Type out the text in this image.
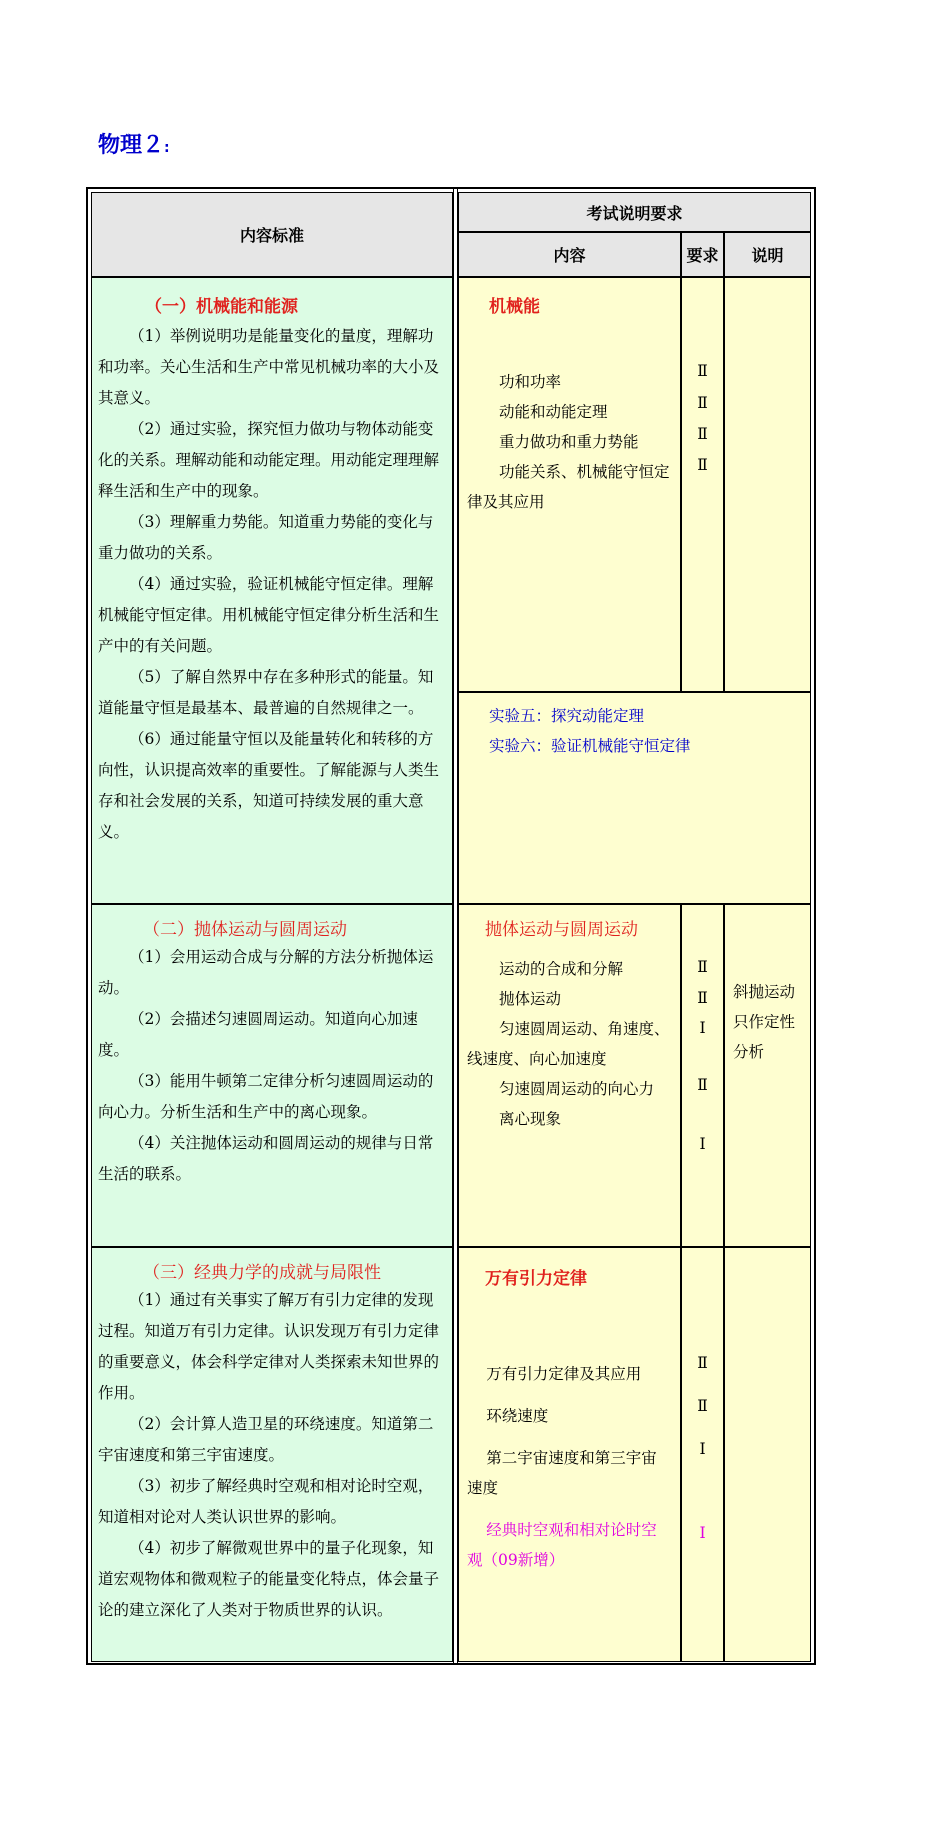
物理２:
内容标准
考试说明要求
内容	要求 说明
（一）机械能和能源

（1）举例说明功是能量变化的量度，理解功和功率。关心生活和生产中常见机械功率的大小及其意义。

（2）通过实验，探究恒力做功与物体动能变化的关系。理解动能和动能定理。用动能定理理解释生活和生产中的现象。

（3）理解重力势能。知道重力势能的变化与重力做功的关系。

（4）通过实验，验证机械能守恒定律。理解机械能守恒定律。用机械能守恒定律分析生活和生产中的有关问题。

（5）了解自然界中存在多种形式的能量。知道能量守恒是最基本、最普遍的自然规律之一。

（6）通过能量守恒以及能量转化和转移的方向性，认识提高效率的重要性。了解能源与人类生存和社会发展的关系，知道可持续发展的重大意义。

机械能

功和功率

动能和动能定理

重力做功和重力势能

功能关系、机械能守恒定律及其应用

Ⅱ
Ⅱ
Ⅱ
Ⅱ

实验五：探究动能定理

实验六：验证机械能守恒定律

（二）抛体运动与圆周运动

（1）会用运动合成与分解的方法分析抛体运动。

（2）会描述匀速圆周运动。知道向心加速度。

（3）能用牛顿第二定律分析匀速圆周运动的向心力。分析生活和生产中的离心现象。

（4）关注抛体运动和圆周运动的规律与日常生活的联系。

抛体运动与圆周运动

运动的合成和分解

抛体运动

匀速圆周运动、角速度、线速度、向心加速度

匀速圆周运动的向心力

离心现象

Ⅱ
Ⅱ
Ⅰ
Ⅱ
Ⅰ
斜抛运动只作定性分析
（三）经典力学的成就与局限性

（1）通过有关事实了解万有引力定律的发现过程。知道万有引力定律。认识发现万有引力定律的重要意义，体会科学定律对人类探索未知世界的作用。

（2）会计算人造卫星的环绕速度。知道第二宇宙速度和第三宇宙速度。

（3）初步了解经典时空观和相对论时空观，知道相对论对人类认识世界的影响。

（4）初步了解微观世界中的量子化现象，知道宏观物体和微观粒子的能量变化特点，体会量子论的建立深化了人类对于物质世界的认识。

万有引力定律

万有引力定律及其应用

环绕速度

第二宇宙速度和第三宇宙速度

经典时空观和相对论时空观（09新增）

Ⅱ
Ⅱ
Ⅰ
Ⅰ
